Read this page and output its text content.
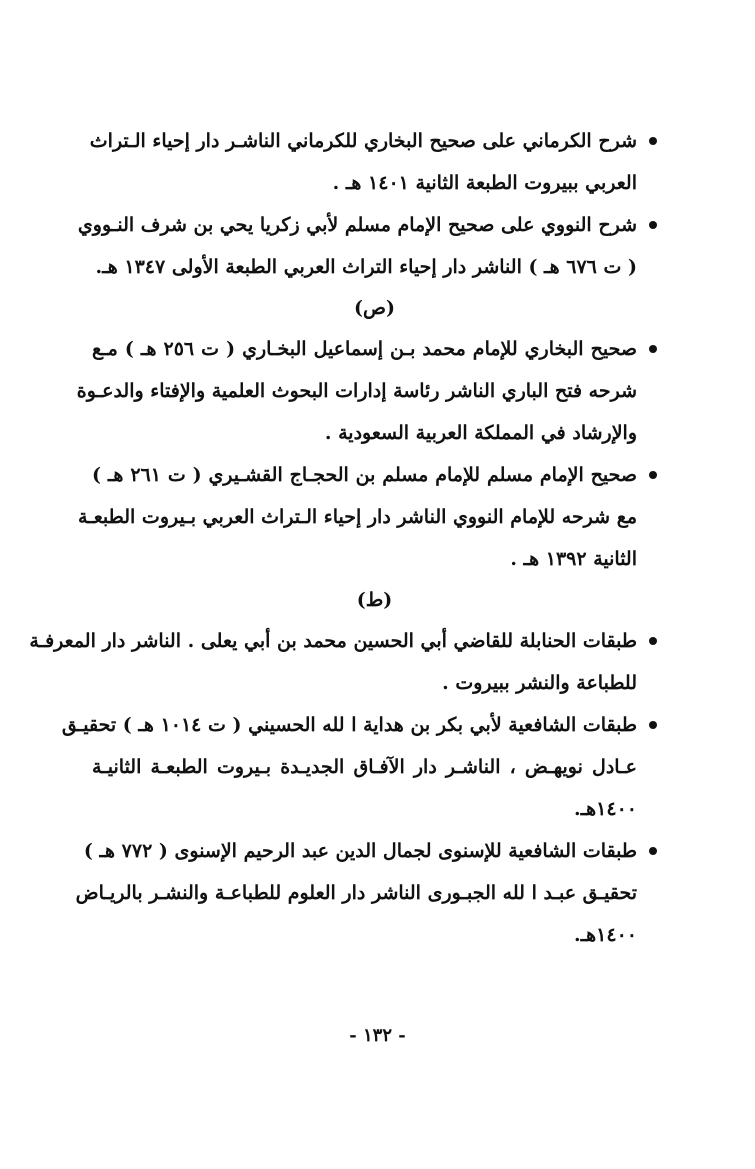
شرح الكرماني على صحيح البخاري للكرماني الناشـر دار إحياء الـتراث
العربي ببيروت الطبعة الثانية ١٤٠١ هـ .
شرح النووي على صحيح الإمام مسلم لأبي زكريا يحي بن شرف النـووي
( ت ٦٧٦ هـ ) الناشر دار إحياء التراث العربي الطبعة الأولى ١٣٤٧ هـ.
(ص)
صحيح البخاري للإمام محمد بـن إسماعيل البخـاري ( ت ٢٥٦ هـ ) مـع
شرحه فتح الباري الناشر رئاسة إدارات البحوث العلمية والإفتاء والدعـوة
والإرشاد في المملكة العربية السعودية .
صحيح الإمام مسلم للإمام مسلم بن الحجـاج القشـيري ( ت ٢٦١ هـ )
مع شرحه للإمام النووي الناشر دار إحياء الـتراث العربي بـيروت الطبعـة
الثانية ١٣٩٢ هـ .
(ط)
طبقات الحنابلة للقاضي أبي الحسين محمد بن أبي يعلى . الناشر دار المعرفـة
للطباعة والنشر ببيروت .
طبقات الشافعية لأبي بكر بن هداية ا لله الحسيني ( ت ١٠١٤ هـ ) تحقيـق
عـادل نويهـض ، الناشـر دار الآفـاق الجديـدة بـيروت الطبعـة الثانيـة
١٤٠٠هـ.
طبقات الشافعية للإسنوى لجمال الدين عبد الرحيم الإسنوى ( ٧٧٢ هـ )
تحقيـق عبـد ا لله الجبـورى الناشر دار العلوم للطباعـة والنشـر بالريـاض
١٤٠٠هـ.
- ١٣٢ -
